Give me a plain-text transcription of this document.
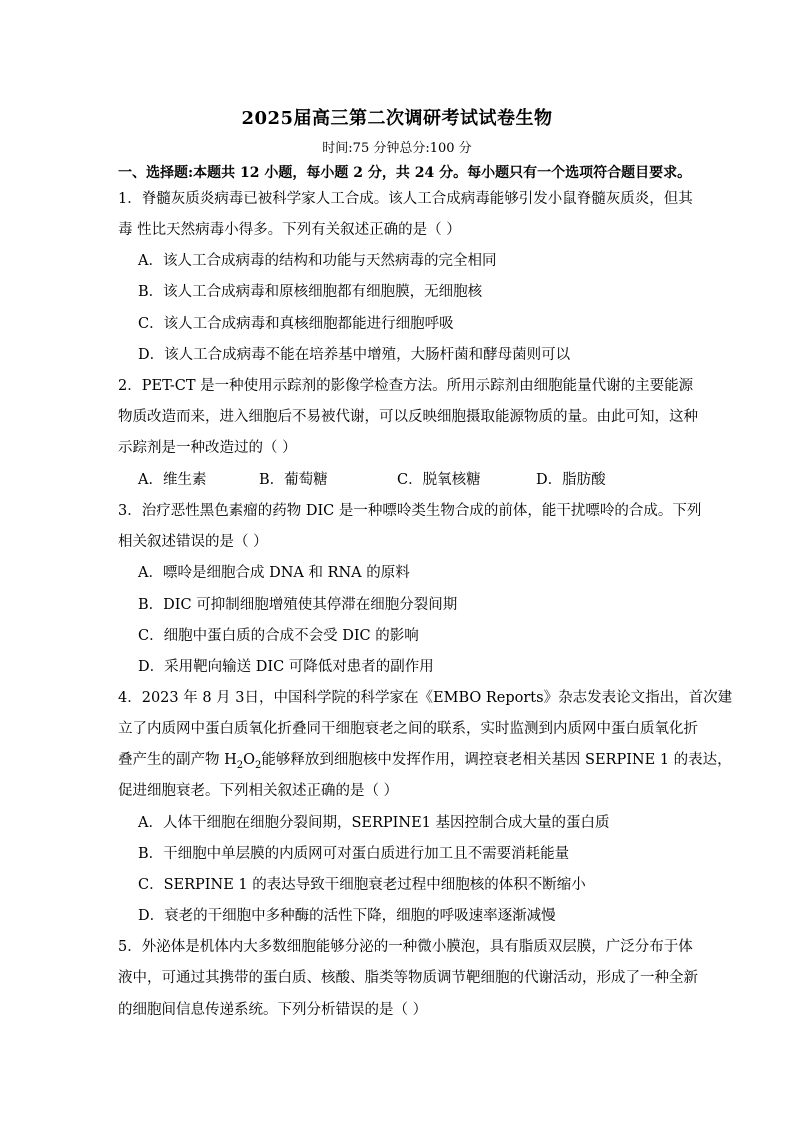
2025届高三第二次调研考试试卷生物
时间:75 分钟总分:100 分
一、选择题:本题共 12 小题，每小题 2 分，共 24 分。每小题只有一个选项符合题目要求。
1．脊髓灰质炎病毒已被科学家人工合成。该人工合成病毒能够引发小鼠脊髓灰质炎，但其
毒 性比天然病毒小得多。下列有关叙述正确的是（ ）
A．该人工合成病毒的结构和功能与天然病毒的完全相同
B．该人工合成病毒和原核细胞都有细胞膜，无细胞核
C．该人工合成病毒和真核细胞都能进行细胞呼吸
D．该人工合成病毒不能在培养基中增殖，大肠杆菌和酵母菌则可以
2．PET-CT 是一种使用示踪剂的影像学检查方法。所用示踪剂由细胞能量代谢的主要能源
物质改造而来，进入细胞后不易被代谢，可以反映细胞摄取能源物质的量。由此可知，这种
示踪剂是一种改造过的（ ）
A．维生素	B．葡萄糖	C．脱氧核糖	D．脂肪酸
3．治疗恶性黑色素瘤的药物 DIC 是一种嘌呤类生物合成的前体，能干扰嘌呤的合成。下列
相关叙述错误的是（ ）
A．嘌呤是细胞合成 DNA 和 RNA 的原料
B．DIC 可抑制细胞增殖使其停滞在细胞分裂间期
C．细胞中蛋白质的合成不会受 DIC 的影响
D．采用靶向输送 DIC 可降低对患者的副作用
4．2023 年 8 月 3日，中国科学院的科学家在《EMBO Reports》杂志发表论文指出，首次建
立了内质网中蛋白质氧化折叠同干细胞衰老之间的联系，实时监测到内质网中蛋白质氧化折
叠产生的副产物 $H_2O_2$能够释放到细胞核中发挥作用，调控衰老相关基因 SERPINE 1 的表达，
促进细胞衰老。下列相关叙述正确的是（ ）
A．人体干细胞在细胞分裂间期，SERPINE1 基因控制合成大量的蛋白质
B．干细胞中单层膜的内质网可对蛋白质进行加工且不需要消耗能量
C．SERPINE 1 的表达导致干细胞衰老过程中细胞核的体积不断缩小
D．衰老的干细胞中多种酶的活性下降，细胞的呼吸速率逐渐减慢
5．外泌体是机体内大多数细胞能够分泌的一种微小膜泡，具有脂质双层膜，广泛分布于体
液中，可通过其携带的蛋白质、核酸、脂类等物质调节靶细胞的代谢活动，形成了一种全新
的细胞间信息传递系统。下列分析错误的是（ ）
